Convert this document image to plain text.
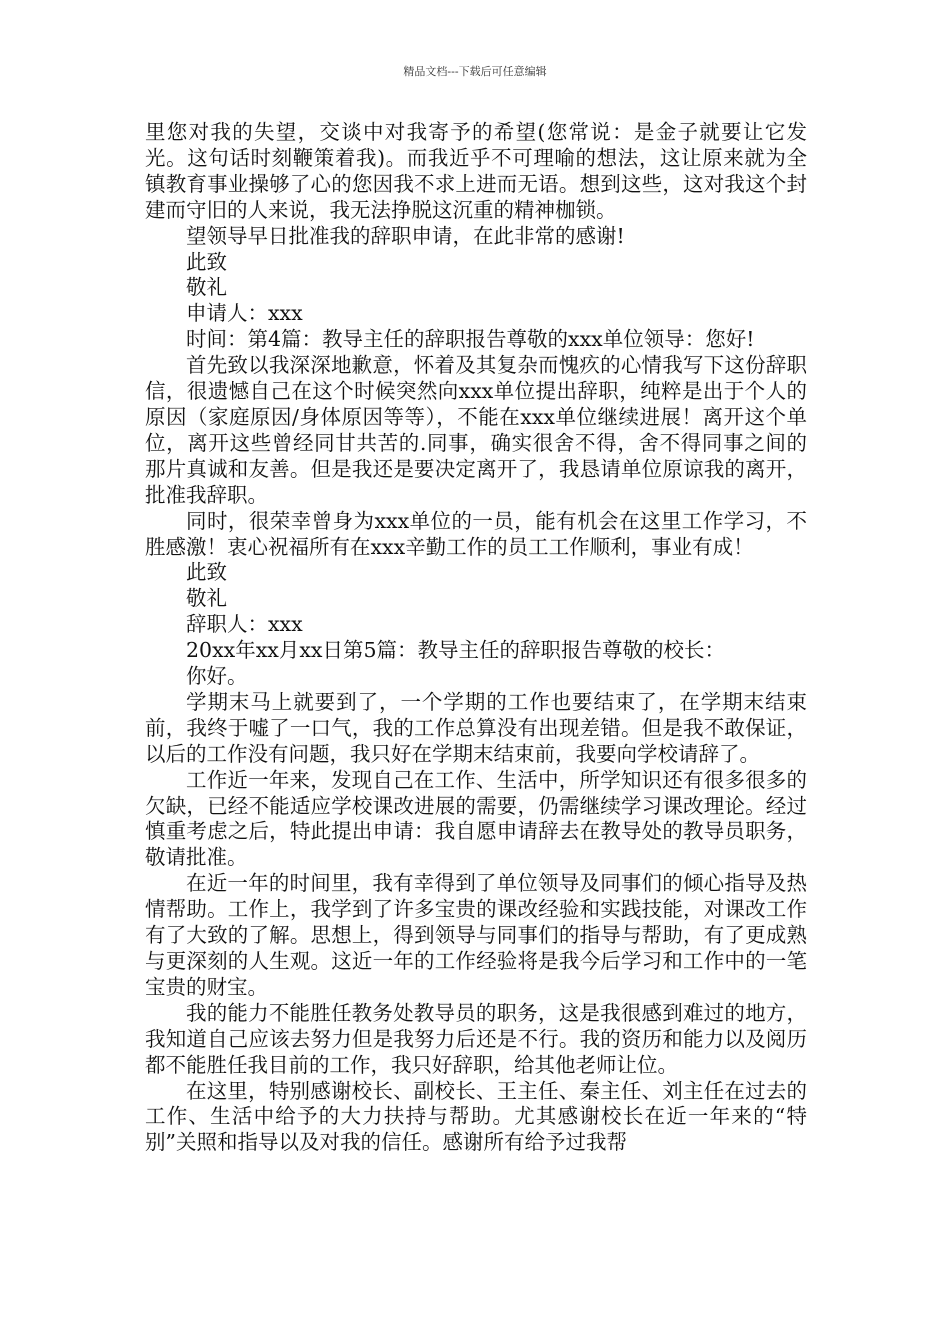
精品文档---下载后可任意编辑

里您对我的失望，交谈中对我寄予的希望(您常说：是金子就要让它发光。这句话时刻鞭策着我)。而我近乎不可理喻的想法，这让原来就为全镇教育事业操够了心的您因我不求上进而无语。想到这些，这对我这个封建而守旧的人来说，我无法挣脱这沉重的精神枷锁。

望领导早日批准我的辞职申请，在此非常的感谢!

此致

敬礼

申请人：xxx

时间：第4篇：教导主任的辞职报告尊敬的xxx单位领导：您好!

首先致以我深深地歉意，怀着及其复杂而愧疚的心情我写下这份辞职信，很遗憾自己在这个时候突然向xxx单位提出辞职，纯粹是出于个人的原因（家庭原因/身体原因等等），不能在xxx单位继续进展！离开这个单位，离开这些曾经同甘共苦的.同事，确实很舍不得，舍不得同事之间的那片真诚和友善。但是我还是要决定离开了，我恳请单位原谅我的离开，批准我辞职。

同时，很荣幸曾身为xxx单位的一员，能有机会在这里工作学习，不胜感激！衷心祝福所有在xxx辛勤工作的员工工作顺利，事业有成！

此致

敬礼

辞职人：xxx

20xx年xx月xx日第5篇：教导主任的辞职报告尊敬的校长：

你好。

学期末马上就要到了，一个学期的工作也要结束了，在学期末结束前，我终于嘘了一口气，我的工作总算没有出现差错。但是我不敢保证，以后的工作没有问题，我只好在学期末结束前，我要向学校请辞了。

工作近一年来，发现自己在工作、生活中，所学知识还有很多很多的欠缺，已经不能适应学校课改进展的需要，仍需继续学习课改理论。经过慎重考虑之后，特此提出申请：我自愿申请辞去在教导处的教导员职务，敬请批准。

在近一年的时间里，我有幸得到了单位领导及同事们的倾心指导及热情帮助。工作上，我学到了许多宝贵的课改经验和实践技能，对课改工作有了大致的了解。思想上，得到领导与同事们的指导与帮助，有了更成熟与更深刻的人生观。这近一年的工作经验将是我今后学习和工作中的一笔宝贵的财宝。

我的能力不能胜任教务处教导员的职务，这是我很感到难过的地方，我知道自己应该去努力但是我努力后还是不行。我的资历和能力以及阅历都不能胜任我目前的工作，我只好辞职，给其他老师让位。

在这里，特别感谢校长、副校长、王主任、秦主任、刘主任在过去的工作、生活中给予的大力扶持与帮助。尤其感谢校长在近一年来的“特别”关照和指导以及对我的信任。感谢所有给予过我帮
